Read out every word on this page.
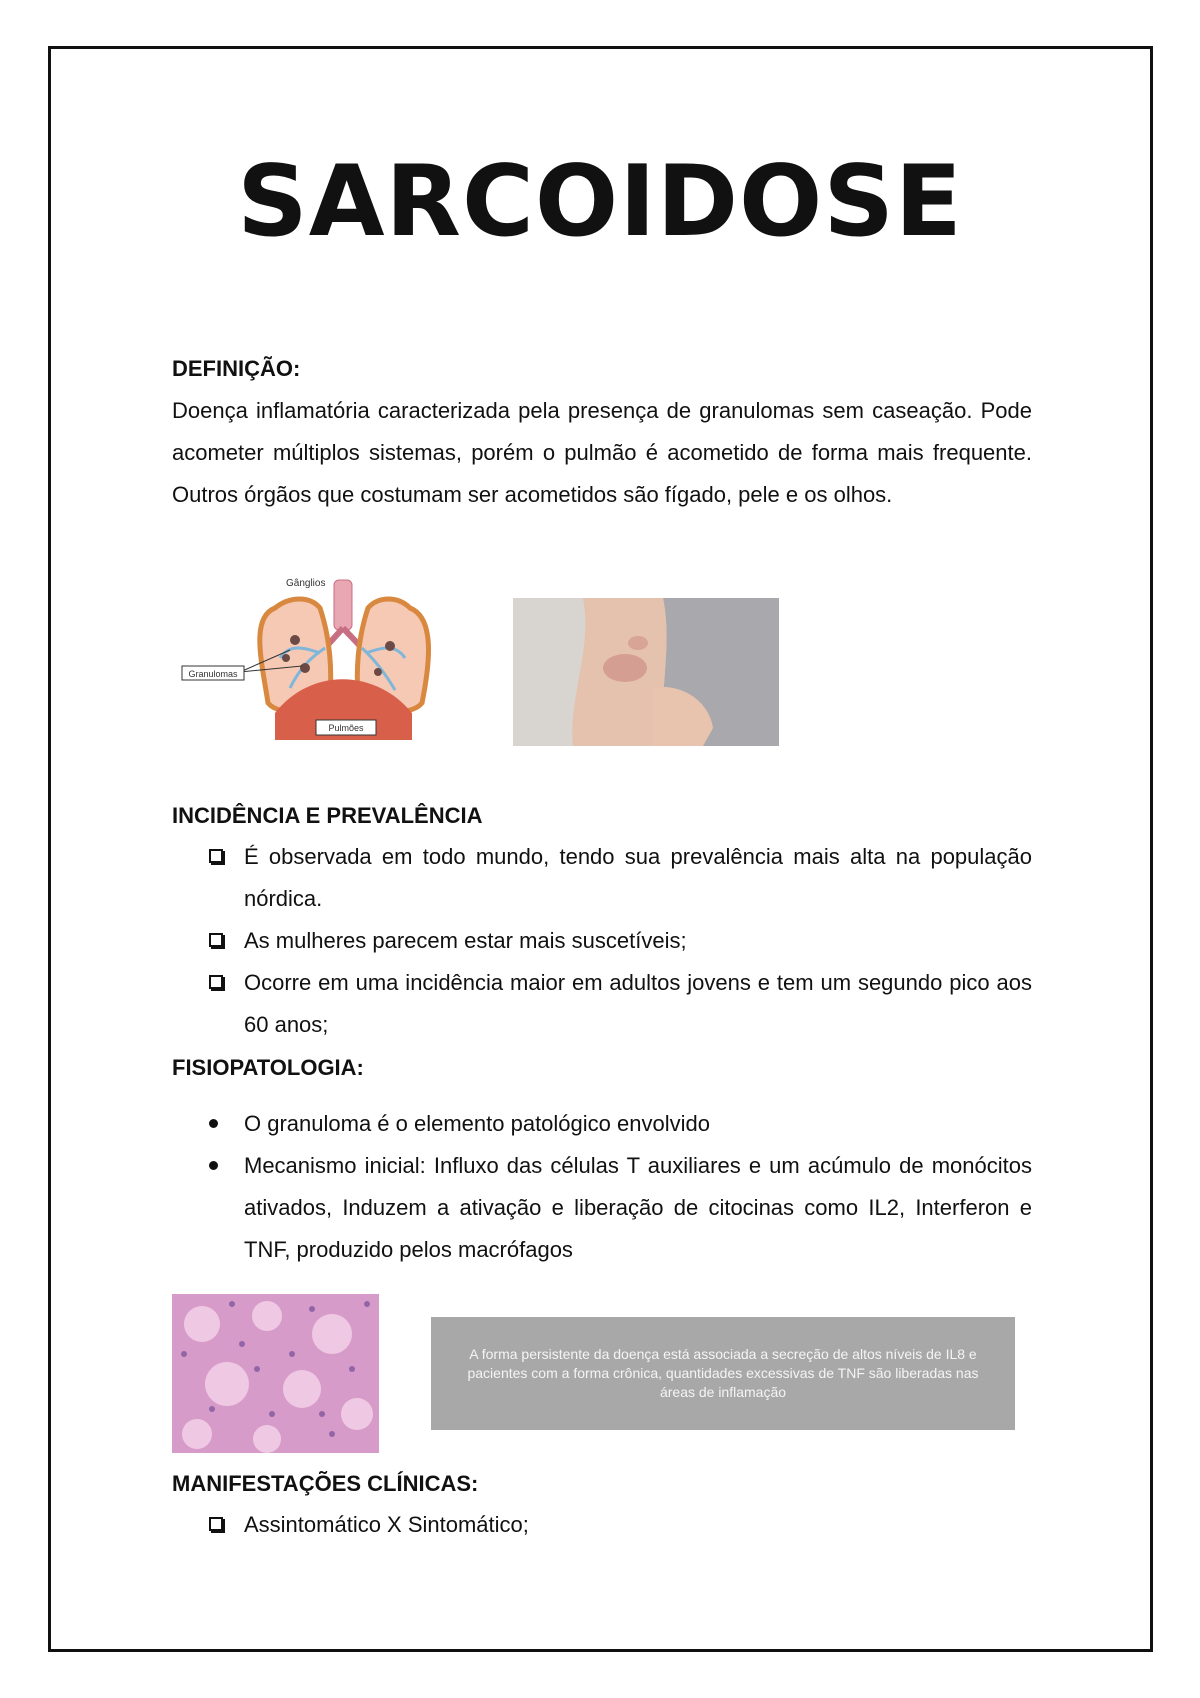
SARCOIDOSE

DEFINIÇÃO:

Doença inflamatória caracterizada pela presença de granulomas sem caseação. Pode acometer múltiplos sistemas, porém o pulmão é acometido de forma mais frequente. Outros órgãos que costumam ser acometidos são fígado, pele e os olhos.

Granulomas
Gânglios
Pulmões

INCIDÊNCIA E PREVALÊNCIA

É observada em todo mundo, tendo sua prevalência mais alta na população nórdica.
As mulheres parecem estar mais suscetíveis;
Ocorre em uma incidência maior em adultos jovens e tem um segundo pico aos 60 anos;

FISIOPATOLOGIA:

O granuloma é o elemento patológico envolvido
Mecanismo inicial: Influxo das células T auxiliares e um acúmulo de monócitos ativados, Induzem a ativação e liberação de citocinas como IL2, Interferon e TNF, produzido pelos macrófagos
A forma persistente da doença está associada a secreção de altos níveis de IL8 e pacientes com a forma crônica, quantidades excessivas de TNF são liberadas nas áreas de inflamação

MANIFESTAÇÕES CLÍNICAS:

Assintomático X Sintomático;
